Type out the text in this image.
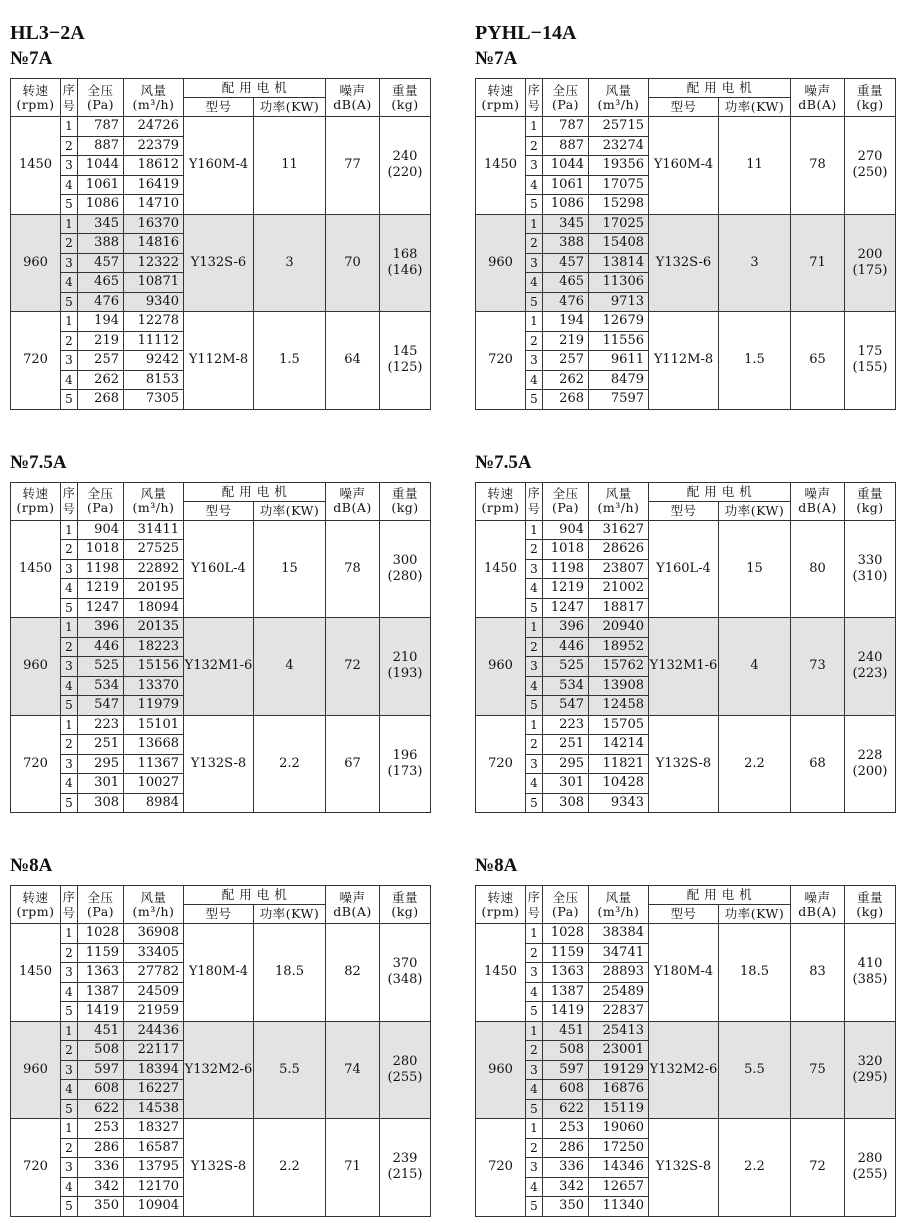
HL3−2A
№7A
转速
(rpm)	序号	全压
(Pa)	风量
(m³/h)	配 用 电 机		噪声
dB(A)	重量
(kg)
				型号	功率(KW)		
1450	1	787	24726	Y160M-4	11	77	240
(220)
	2	887	22379				
	3	1044	18612				
	4	1061	16419				
	5	1086	14710				
960	1	345	16370	Y132S-6	3	70	168
(146)
	2	388	14816				
	3	457	12322				
	4	465	10871				
	5	476	9340				
720	1	194	12278	Y112M-8	1.5	64	145
(125)
	2	219	11112				
	3	257	9242				
	4	262	8153				
	5	268	7305				
№7.5A
转速
(rpm)	序号	全压
(Pa)	风量
(m³/h)	配 用 电 机		噪声
dB(A)	重量
(kg)
				型号	功率(KW)		
1450	1	904	31411	Y160L-4	15	78	300
(280)
	2	1018	27525				
	3	1198	22892				
	4	1219	20195				
	5	1247	18094				
960	1	396	20135	Y132M1-6	4	72	210
(193)
	2	446	18223				
	3	525	15156				
	4	534	13370				
	5	547	11979				
720	1	223	15101	Y132S-8	2.2	67	196
(173)
	2	251	13668				
	3	295	11367				
	4	301	10027				
	5	308	8984				
№8A
转速
(rpm)	序号	全压
(Pa)	风量
(m³/h)	配 用 电 机		噪声
dB(A)	重量
(kg)
				型号	功率(KW)		
1450	1	1028	36908	Y180M-4	18.5	82	370
(348)
	2	1159	33405				
	3	1363	27782				
	4	1387	24509				
	5	1419	21959				
960	1	451	24436	Y132M2-6	5.5	74	280
(255)
	2	508	22117				
	3	597	18394				
	4	608	16227				
	5	622	14538				
720	1	253	18327	Y132S-8	2.2	71	239
(215)
	2	286	16587				
	3	336	13795				
	4	342	12170				
	5	350	10904				
PYHL−14A
№7A
转速
(rpm)	序号	全压
(Pa)	风量
(m³/h)	配 用 电 机		噪声
dB(A)	重量
(kg)
				型号	功率(KW)		
1450	1	787	25715	Y160M-4	11	78	270
(250)
	2	887	23274				
	3	1044	19356				
	4	1061	17075				
	5	1086	15298				
960	1	345	17025	Y132S-6	3	71	200
(175)
	2	388	15408				
	3	457	13814				
	4	465	11306				
	5	476	9713				
720	1	194	12679	Y112M-8	1.5	65	175
(155)
	2	219	11556				
	3	257	9611				
	4	262	8479				
	5	268	7597				
№7.5A
转速
(rpm)	序号	全压
(Pa)	风量
(m³/h)	配 用 电 机		噪声
dB(A)	重量
(kg)
				型号	功率(KW)		
1450	1	904	31627	Y160L-4	15	80	330
(310)
	2	1018	28626				
	3	1198	23807				
	4	1219	21002				
	5	1247	18817				
960	1	396	20940	Y132M1-6	4	73	240
(223)
	2	446	18952				
	3	525	15762				
	4	534	13908				
	5	547	12458				
720	1	223	15705	Y132S-8	2.2	68	228
(200)
	2	251	14214				
	3	295	11821				
	4	301	10428				
	5	308	9343				
№8A
转速
(rpm)	序号	全压
(Pa)	风量
(m³/h)	配 用 电 机		噪声
dB(A)	重量
(kg)
				型号	功率(KW)		
1450	1	1028	38384	Y180M-4	18.5	83	410
(385)
	2	1159	34741				
	3	1363	28893				
	4	1387	25489				
	5	1419	22837				
960	1	451	25413	Y132M2-6	5.5	75	320
(295)
	2	508	23001				
	3	597	19129				
	4	608	16876				
	5	622	15119				
720	1	253	19060	Y132S-8	2.2	72	280
(255)
	2	286	17250				
	3	336	14346				
	4	342	12657				
	5	350	11340				
